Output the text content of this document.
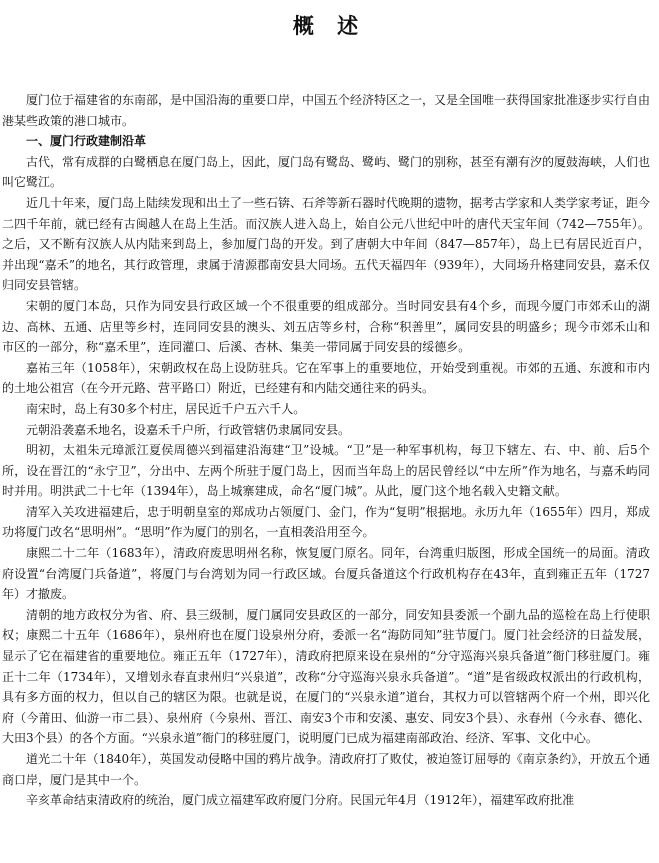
概 述

厦门位于福建省的东南部，是中国沿海的重要口岸，中国五个经济特区之一，又是全国唯一获得国家批准逐步实行自由港某些政策的港口城市。

一、厦门行政建制沿革

古代，常有成群的白鹭栖息在厦门岛上，因此，厦门岛有鹭岛、鹭屿、鹭门的别称，甚至有潮有汐的厦鼓海峡，人们也叫它鹭江。

近几十年来，厦门岛上陆续发现和出土了一些石锛、石斧等新石器时代晚期的遗物，据考古学家和人类学家考证，距今二四千年前，就已经有古闽越人在岛上生活。而汉族人进入岛上，始自公元八世纪中叶的唐代天宝年间（742—755年）。之后，又不断有汉族人从内陆来到岛上，参加厦门岛的开发。到了唐朝大中年间（847—857年），岛上已有居民近百户，并出现“嘉禾”的地名，其行政管理，隶属于清源郡南安县大同场。五代天福四年（939年），大同场升格建同安县，嘉禾仅归同安县管辖。

宋朝的厦门本岛，只作为同安县行政区域一个不很重要的组成部分。当时同安县有4个乡，而现今厦门市郊禾山的湖边、高林、五通、店里等乡村，连同同安县的澳头、刘五店等乡村，合称“积善里”，属同安县的明盛乡；现今市郊禾山和市区的一部分，称“嘉禾里”，连同灌口、后溪、杏林、集美一带同属于同安县的绥德乡。

嘉祐三年（1058年），宋朝政权在岛上设防驻兵。它在军事上的重要地位，开始受到重视。市郊的五通、东渡和市内的土地公祖宫（在今开元路、营平路口）附近，已经建有和内陆交通往来的码头。

南宋时，岛上有30多个村庄，居民近千户五六千人。

元朝沿袭嘉禾地名，设嘉禾千户所，行政管辖仍隶属同安县。

明初，太祖朱元璋派江夏侯周德兴到福建沿海建“卫”设城。“卫”是一种军事机构，每卫下辖左、右、中、前、后5个所，设在晋江的“永宁卫”，分出中、左两个所驻于厦门岛上，因而当年岛上的居民曾经以“中左所”作为地名，与嘉禾屿同时并用。明洪武二十七年（1394年），岛上城寨建成，命名“厦门城”。从此，厦门这个地名载入史籍文献。

清军入关攻进福建后，忠于明朝皇室的郑成功占领厦门、金门，作为“复明”根据地。永历九年（1655年）四月，郑成功将厦门改名“思明州”。“思明”作为厦门的别名，一直相袭沿用至今。

康熙二十二年（1683年），清政府废思明州名称，恢复厦门原名。同年，台湾重归版图，形成全国统一的局面。清政府设置“台湾厦门兵备道”，将厦门与台湾划为同一行政区域。台厦兵备道这个行政机构存在43年，直到雍正五年（1727年）才撤废。

清朝的地方政权分为省、府、县三级制，厦门属同安县政区的一部分，同安知县委派一个副九品的巡检在岛上行使职权；康熙二十五年（1686年），泉州府也在厦门设泉州分府，委派一名“海防同知”驻节厦门。厦门社会经济的日益发展，显示了它在福建省的重要地位。雍正五年（1727年），清政府把原来设在泉州的“分守巡海兴泉兵备道”衙门移驻厦门。雍正十二年（1734年），又增划永春直隶州归“兴泉道”，改称“分守巡海兴泉永兵备道”。“道”是省级政权派出的行政机构，具有多方面的权力，但以自己的辖区为限。也就是说，在厦门的“兴泉永道”道台，其权力可以管辖两个府一个州，即兴化府（今莆田、仙游一市二县）、泉州府（今泉州、晋江、南安3个市和安溪、惠安、同安3个县）、永春州（今永春、德化、大田3个县）的各个方面。“兴泉永道”衙门的移驻厦门，说明厦门已成为福建南部政治、经济、军事、文化中心。

道光二十年（1840年），英国发动侵略中国的鸦片战争。清政府打了败仗，被迫签订屈辱的《南京条约》，开放五个通商口岸，厦门是其中一个。

辛亥革命结束清政府的统治，厦门成立福建军政府厦门分府。民国元年4月（1912年），福建军政府批准
